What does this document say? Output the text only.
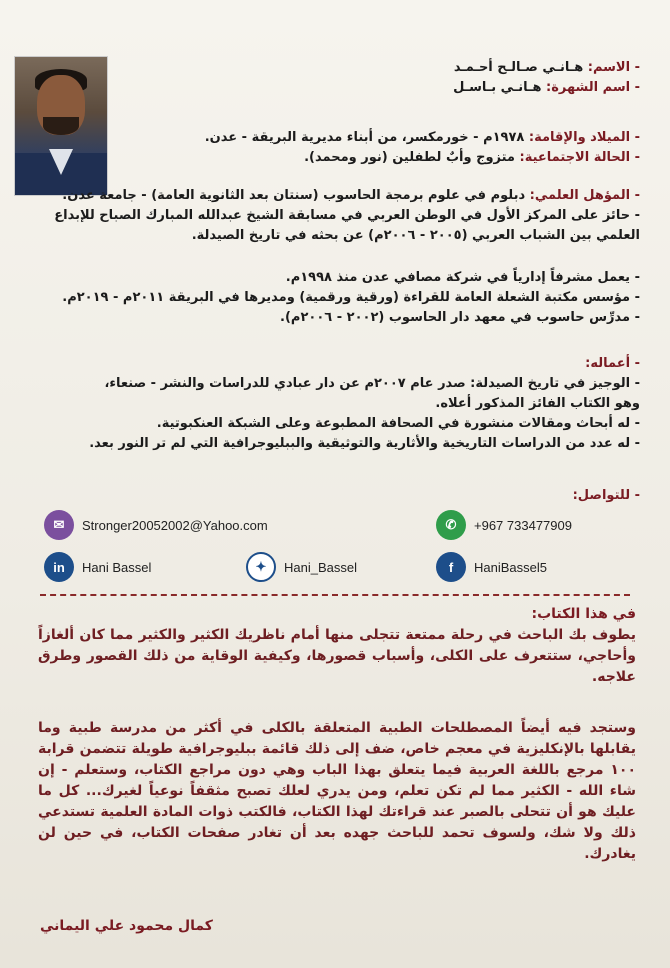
- الاسم: هـانـي صـالـح أحـمـد
- اسم الشهرة: هـانـي بـاسـل
- الميلاد والإقامة: ١٩٧٨م - خورمكسر، من أبناء مديرية البريقة - عدن.
- الحالة الاجتماعية: متزوج وأبٌ لطفلين (نور ومحمد).
- المؤهل العلمي: دبلوم في علوم برمجة الحاسوب (سنتان بعد الثانوية العامة) - جامعة عدن.
- حائز على المركز الأول في الوطن العربي في مسابقة الشيخ عبدالله المبارك الصباح للإبداع
العلمي بين الشباب العربي (٢٠٠٥ - ٢٠٠٦م) عن بحثه في تاريخ الصيدلة.
- يعمل مشرفاً إدارياً في شركة مصافي عدن منذ ١٩٩٨م.
- مؤسس مكتبة الشعلة العامة للقراءة (ورقية ورقمية) ومديرها في البريقة ٢٠١١م - ٢٠١٩م.
- مدرِّس حاسوب في معهد دار الحاسوب (٢٠٠٢ - ٢٠٠٦م).
- أعماله:
- الوجيز في تاريخ الصيدلة: صدر عام ٢٠٠٧م عن دار عبادي للدراسات والنشر - صنعاء،
وهو الكتاب الفائز المذكور أعلاه.
- له أبحاث ومقالات منشورة في الصحافة المطبوعة وعلى الشبكة العنكبوتية.
- له عدد من الدراسات التاريخية والأثارية والتوثيقية والببليوجرافية التي لم تر النور بعد.
- للتواصل:
✉	Stronger20052002@Yahoo.com	✆	+967 733477909
in	Hani Bassel	✦	Hani_Bassel	f	HaniBassel5
في هذا الكتاب:

يطوف بك الباحث في رحلة ممتعة تتجلى منها أمام ناظريك الكثير والكثير مما كان ألغازاً وأحاجي، ستتعرف على الكلى، وأسباب قصورها، وكيفية الوقاية من ذلك القصور وطرق علاجه.

وستجد فيه أيضاً المصطلحات الطبية المتعلقة بالكلى في أكثر من مدرسة طبية وما يقابلها بالإنكليزية في معجم خاص، ضف إلى ذلك قائمة ببليوجرافية طويلة تتضمن قرابة ١٠٠ مرجع باللغة العربية فيما يتعلق بهذا الباب وهي دون مراجع الكتاب، وستعلم - إن شاء الله - الكثير مما لم تكن تعلم، ومن يدري لعلك تصبح مثقفاً نوعياً لغيرك... كل ما عليك هو أن تتحلى بالصبر عند قراءتك لهذا الكتاب، فالكتب ذوات المادة العلمية تستدعي ذلك ولا شك، ولسوف تحمد للباحث جهده بعد أن تغادر صفحات الكتاب، في حين لن يغادرك.

كمال محمود علي اليماني
